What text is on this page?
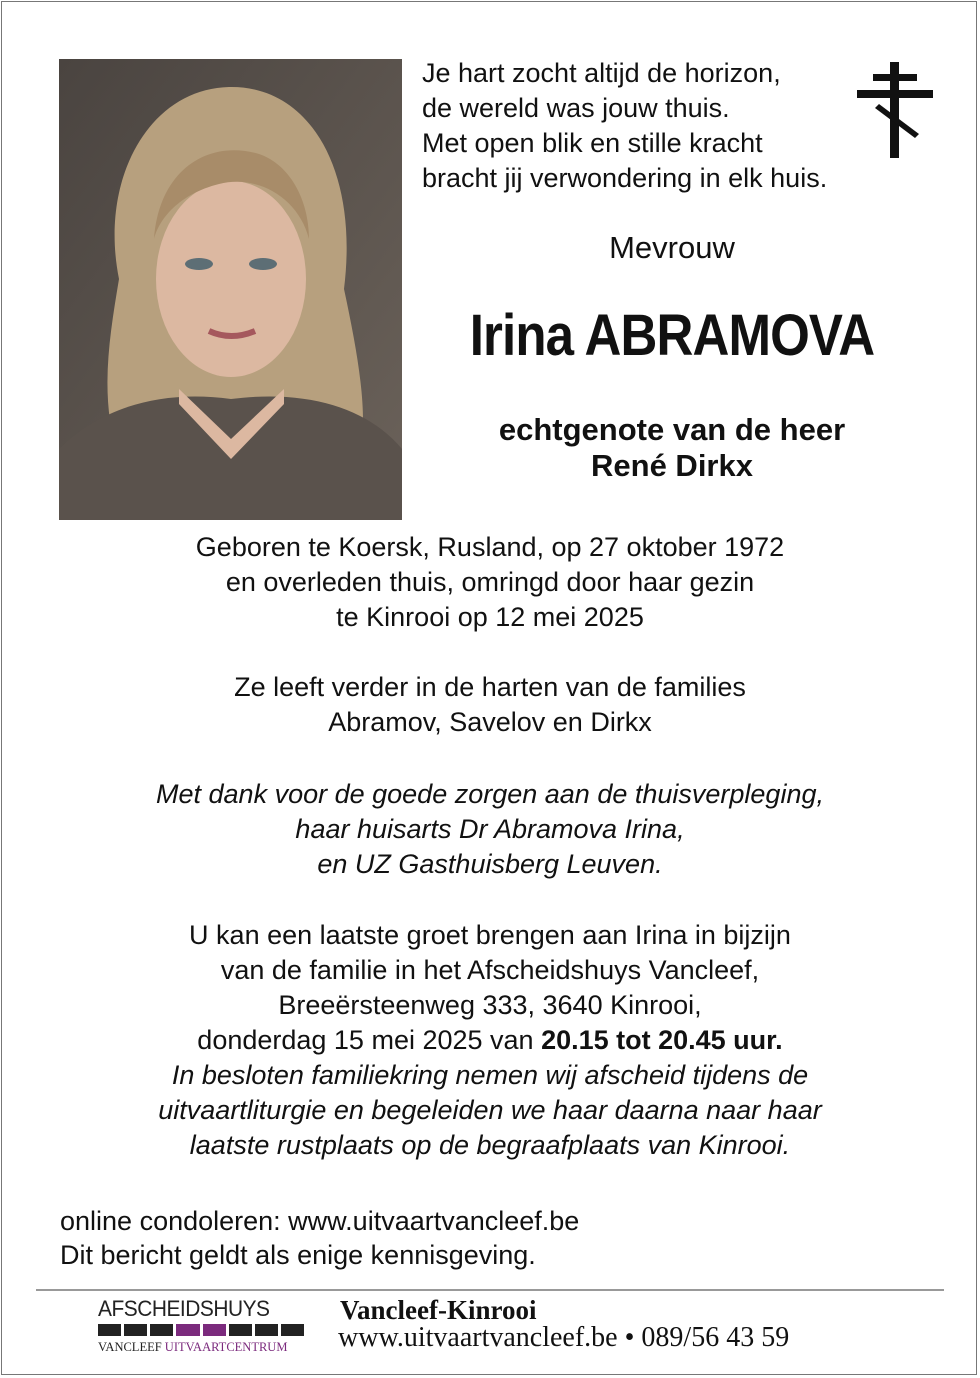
Je hart zocht altijd de horizon,
de wereld was jouw thuis.
Met open blik en stille kracht
bracht jij verwondering in elk huis.
Mevrouw
Irina ABRAMOVA
echtgenote van de heer
René Dirkx
Geboren te Koersk, Rusland, op 27 oktober 1972
en overleden thuis, omringd door haar gezin
te Kinrooi op 12 mei 2025
Ze leeft verder in de harten van de families
Abramov, Savelov en Dirkx
Met dank voor de goede zorgen aan de thuisverpleging,
haar huisarts Dr Abramova Irina,
en UZ Gasthuisberg Leuven.
U kan een laatste groet brengen aan Irina in bijzijn
van de familie in het Afscheidshuys Vancleef,
Breeërsteenweg 333, 3640 Kinrooi,
donderdag 15 mei 2025 van 20.15 tot 20.45 uur.
In besloten familiekring nemen wij afscheid tijdens de
uitvaartliturgie en begeleiden we haar daarna naar haar
laatste rustplaats op de begraafplaats van Kinrooi.
online condoleren: www.uitvaartvancleef.be
Dit bericht geldt als enige kennisgeving.
AFSCHEIDSHUYS
VANCLEEF UITVAARTCENTRUM
Vancleef-Kinrooi
www.uitvaartvancleef.be • 089/56 43 59
